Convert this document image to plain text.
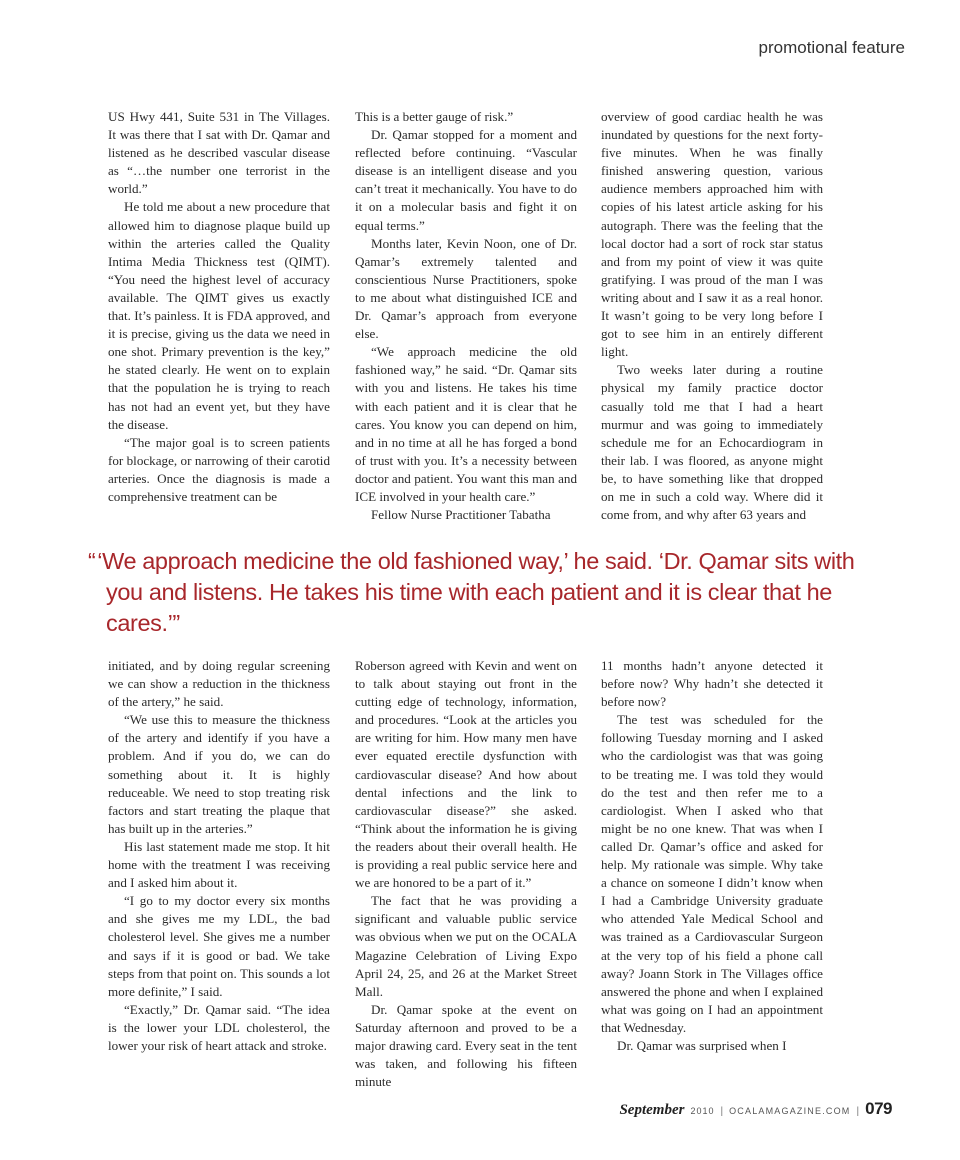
promotional feature

US Hwy 441, Suite 531 in The Villages. It was there that I sat with Dr. Qamar and listened as he described vascular disease as “…the number one terrorist in the world.”

He told me about a new procedure that allowed him to diagnose plaque build up within the arteries called the Quality Intima Media Thickness test (QIMT). “You need the highest level of accuracy available. The QIMT gives us exactly that. It’s painless. It is FDA approved, and it is precise, giving us the data we need in one shot. Primary prevention is the key,” he stated clearly. He went on to explain that the population he is trying to reach has not had an event yet, but they have the disease.

“The major goal is to screen patients for blockage, or narrowing of their carotid arteries. Once the diagnosis is made a comprehensive treatment can be

This is a better gauge of risk.”

Dr. Qamar stopped for a moment and reflected before continuing. “Vascular disease is an intelligent disease and you can’t treat it mechanically. You have to do it on a molecular basis and fight it on equal terms.”

Months later, Kevin Noon, one of Dr. Qamar’s extremely talented and conscientious Nurse Practitioners, spoke to me about what distinguished ICE and Dr. Qamar’s approach from everyone else.

“We approach medicine the old fashioned way,” he said. “Dr. Qamar sits with you and listens. He takes his time with each patient and it is clear that he cares. You know you can depend on him, and in no time at all he has forged a bond of trust with you. It’s a necessity between doctor and patient. You want this man and ICE involved in your health care.”

Fellow Nurse Practitioner Tabatha

overview of good cardiac health he was inundated by questions for the next forty-five minutes. When he was finally finished answering question, various audience members approached him with copies of his latest article asking for his autograph. There was the feeling that the local doctor had a sort of rock star status and from my point of view it was quite gratifying. I was proud of the man I was writing about and I saw it as a real honor. It wasn’t going to be very long before I got to see him in an entirely different light.

Two weeks later during a routine physical my family practice doctor casually told me that I had a heart murmur and was going to immediately schedule me for an Echocardiogram in their lab. I was floored, as anyone might be, to have something like that dropped on me in such a cold way. Where did it come from, and why after 63 years and

“‘We approach medicine the old fashioned way,’ he said. ‘Dr. Qamar sits with
you and listens. He takes his time with each patient and it is clear that he cares.’”

initiated, and by doing regular screening we can show a reduction in the thickness of the artery,” he said.

“We use this to measure the thickness of the artery and identify if you have a problem. And if you do, we can do something about it. It is highly reduceable. We need to stop treating risk factors and start treating the plaque that has built up in the arteries.”

His last statement made me stop. It hit home with the treatment I was receiving and I asked him about it.

“I go to my doctor every six months and she gives me my LDL, the bad cholesterol level. She gives me a number and says if it is good or bad. We take steps from that point on. This sounds a lot more definite,” I said.

“Exactly,” Dr. Qamar said. “The idea is the lower your LDL cholesterol, the lower your risk of heart attack and stroke.

Roberson agreed with Kevin and went on to talk about staying out front in the cutting edge of technology, information, and procedures. “Look at the articles you are writing for him. How many men have ever equated erectile dysfunction with cardiovascular disease? And how about dental infections and the link to cardiovascular disease?” she asked. “Think about the information he is giving the readers about their overall health. He is providing a real public service here and we are honored to be a part of it.”

The fact that he was providing a significant and valuable public service was obvious when we put on the OCALA Magazine Celebration of Living Expo April 24, 25, and 26 at the Market Street Mall.

Dr. Qamar spoke at the event on Saturday afternoon and proved to be a major drawing card. Every seat in the tent was taken, and following his fifteen minute

11 months hadn’t anyone detected it before now? Why hadn’t she detected it before now?

The test was scheduled for the following Tuesday morning and I asked who the cardiologist was that was going to be treating me. I was told they would do the test and then refer me to a cardiologist. When I asked who that might be no one knew. That was when I called Dr. Qamar’s office and asked for help. My rationale was simple. Why take a chance on someone I didn’t know when I had a Cambridge University graduate who attended Yale Medical School and was trained as a Cardiovascular Surgeon at the very top of his field a phone call away? Joann Stork in The Villages office answered the phone and when I explained what was going on I had an appointment that Wednesday.

Dr. Qamar was surprised when I

September 2010 | OCALAMAGAZINE.COM | 079
